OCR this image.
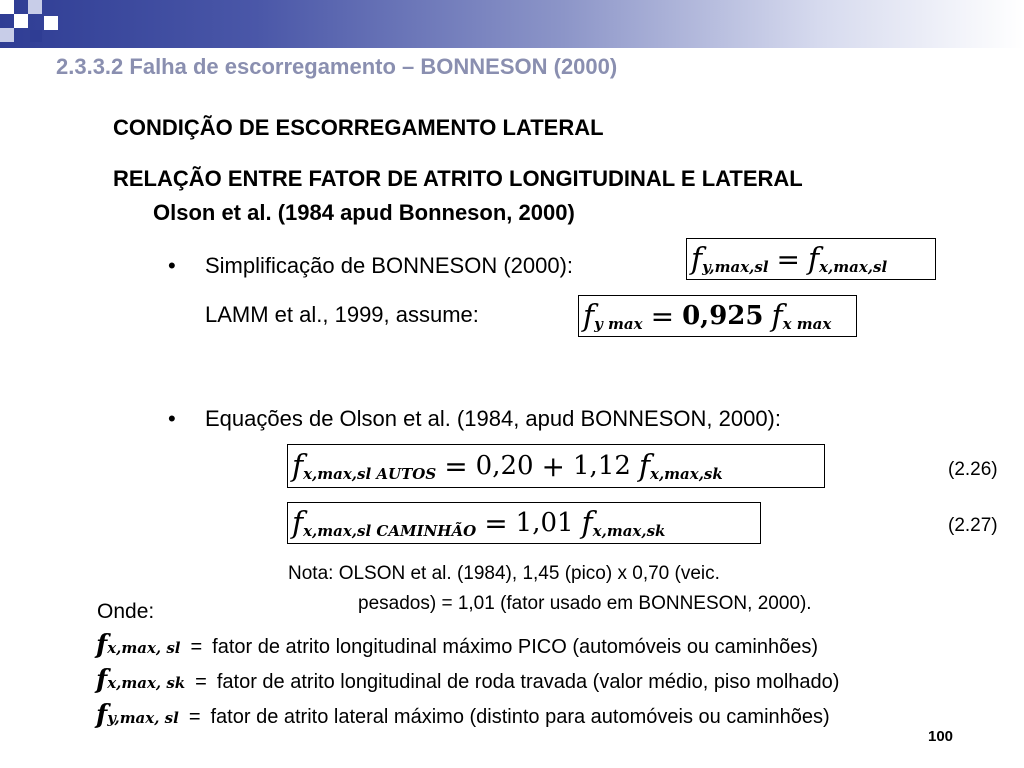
2.3.3.2 Falha de escorregamento – BONNESON (2000)
CONDIÇÃO DE ESCORREGAMENTO LATERAL
RELAÇÃO ENTRE FATOR DE ATRITO LONGITUDINAL E LATERAL
Olson et al. (1984 apud Bonneson, 2000)
• Simplificação de BONNESON (2000):	f y,max,sl = f x,max,sl
LAMM et al., 1999, assume:	f y max = 0,925 f x max
• Equações de Olson et al. (1984, apud BONNESON, 2000):
f x,max,sl AUTOS = 0,20 + 1,12 f x,max,sk	(2.26)
f x,max,sl CAMINHÃO = 1,01 f x,max,sk	(2.27)
Nota: OLSON et al. (1984), 1,45 (pico) x 0,70 (veic.
pesados) = 1,01 (fator usado em BONNESON, 2000).
Onde:
f x,max, sl = fator de atrito longitudinal máximo PICO (automóveis ou caminhões)
f x,max, sk = fator de atrito longitudinal de roda travada (valor médio, piso molhado)
f y,max, sl = fator de atrito lateral máximo (distinto para automóveis ou caminhões)
100
